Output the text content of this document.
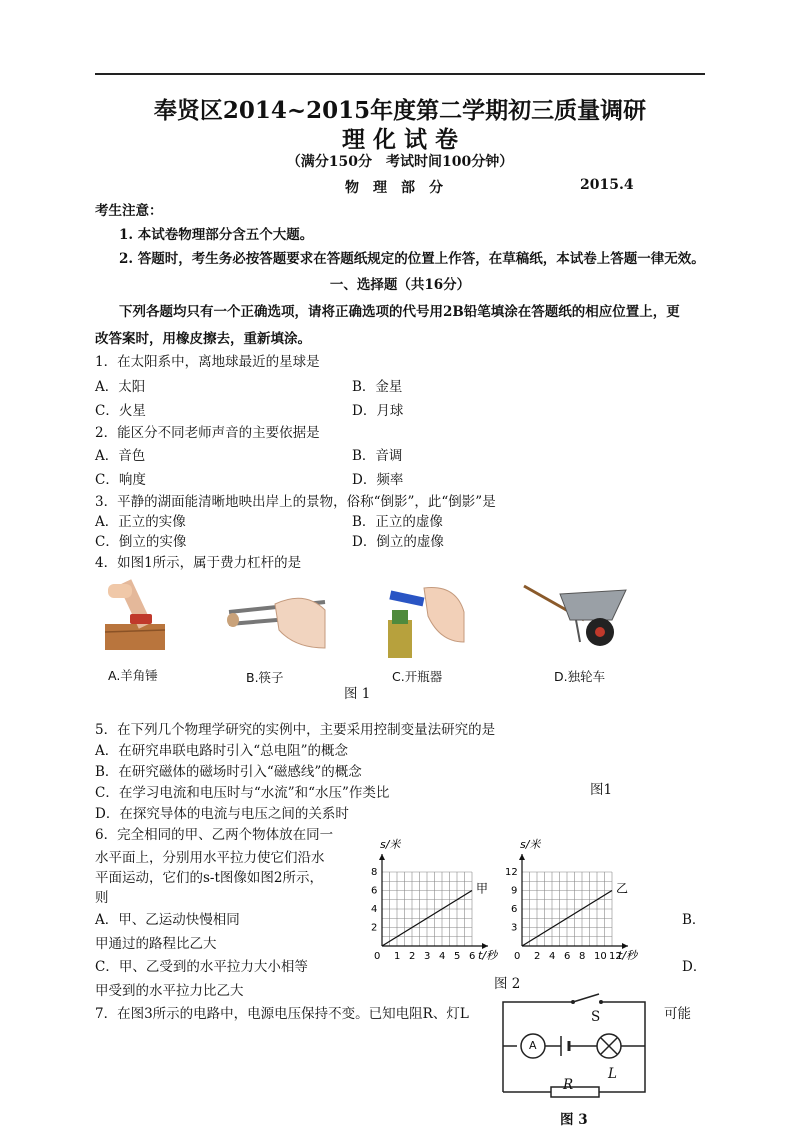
奉贤区2014~2015年度第二学期初三质量调研
理 化 试 卷
（满分150分　考试时间100分钟）
物　理　部　分	2015.4
考生注意：
1. 本试卷物理部分含五个大题。
2. 答题时，考生务必按答题要求在答题纸规定的位置上作答，在草稿纸，本试卷上答题一律无效。
一、选择题（共16分）
下列各题均只有一个正确选项，请将正确选项的代号用2B铅笔填涂在答题纸的相应位置上，更
改答案时，用橡皮擦去，重新填涂。
1．在太阳系中，离地球最近的星球是
A．太阳	B．金星
C．火星	D．月球
2．能区分不同老师声音的主要依据是
A．音色	B．音调
C．响度	D．频率
3．平静的湖面能清晰地映出岸上的景物，俗称“倒影”，此“倒影”是
A．正立的实像	B．正立的虚像
C．倒立的实像	D．倒立的虚像
4．如图1所示，属于费力杠杆的是
A.羊角锤	B.筷子	C.开瓶器	D.独轮车
图 1
5．在下列几个物理学研究的实例中，主要采用控制变量法研究的是
A．在研究串联电路时引入“总电阻”的概念
B．在研究磁体的磁场时引入“磁感线”的概念
C．在学习电流和电压时与“水流”和“水压”作类比	图1
D．在探究导体的电流与电压之间的关系时
6．完全相同的甲、乙两个物体放在同一
水平面上，分别用水平拉力使它们沿水
平面运动，它们的s-t图像如图2所示，
则
A．甲、乙运动快慢相同	B．
甲通过的路程比乙大
C．甲、乙受到的水平拉力大小相等	D．
甲受到的水平拉力比乙大
0 1 2 3 4 5 6
2
4
6
8
s/米
t/秒
甲
0 2 4 6 8 10 12
3
6
9
12
s/米
t/秒
乙
图 2
7．在图3所示的电路中，电源电压保持不变。已知电阻R、灯L	可能
S
A
L
R
图 3
